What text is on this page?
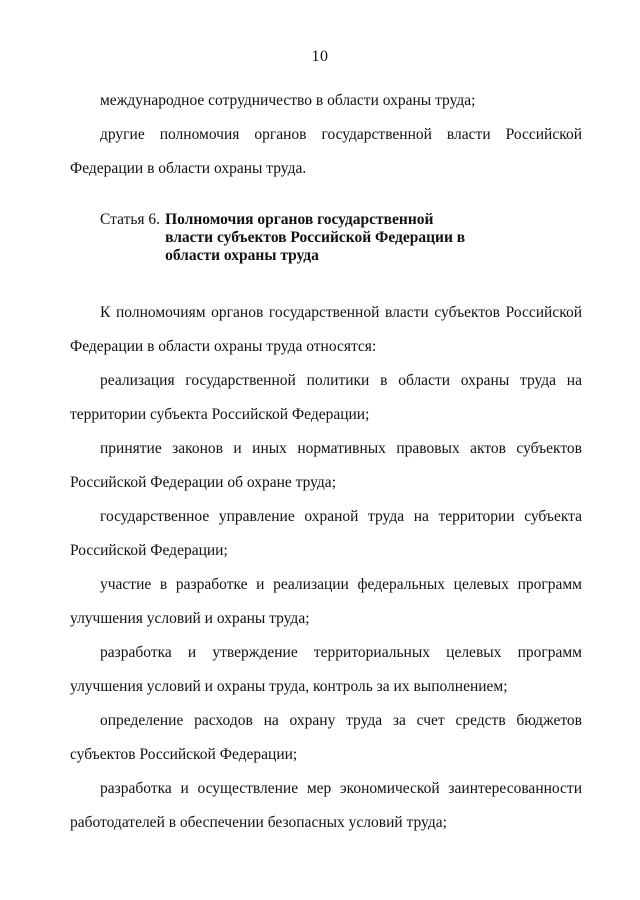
10

международное сотрудничество в области охраны труда;

другие полномочия органов государственной власти Российской Федерации в области охраны труда.

Статья 6. Полномочия органов государственной власти субъектов Российской Федерации в области охраны труда

К полномочиям органов государственной власти субъектов Российской Федерации в области охраны труда относятся:

реализация государственной политики в области охраны труда на территории субъекта Российской Федерации;

принятие законов и иных нормативных правовых актов субъектов Российской Федерации об охране труда;

государственное управление охраной труда на территории субъекта Российской Федерации;

участие в разработке и реализации федеральных целевых программ улучшения условий и охраны труда;

разработка и утверждение территориальных целевых программ улучшения условий и охраны труда, контроль за их выполнением;

определение расходов на охрану труда за счет средств бюджетов субъектов Российской Федерации;

разработка и осуществление мер экономической заинтересованности работодателей в обеспечении безопасных условий труда;
